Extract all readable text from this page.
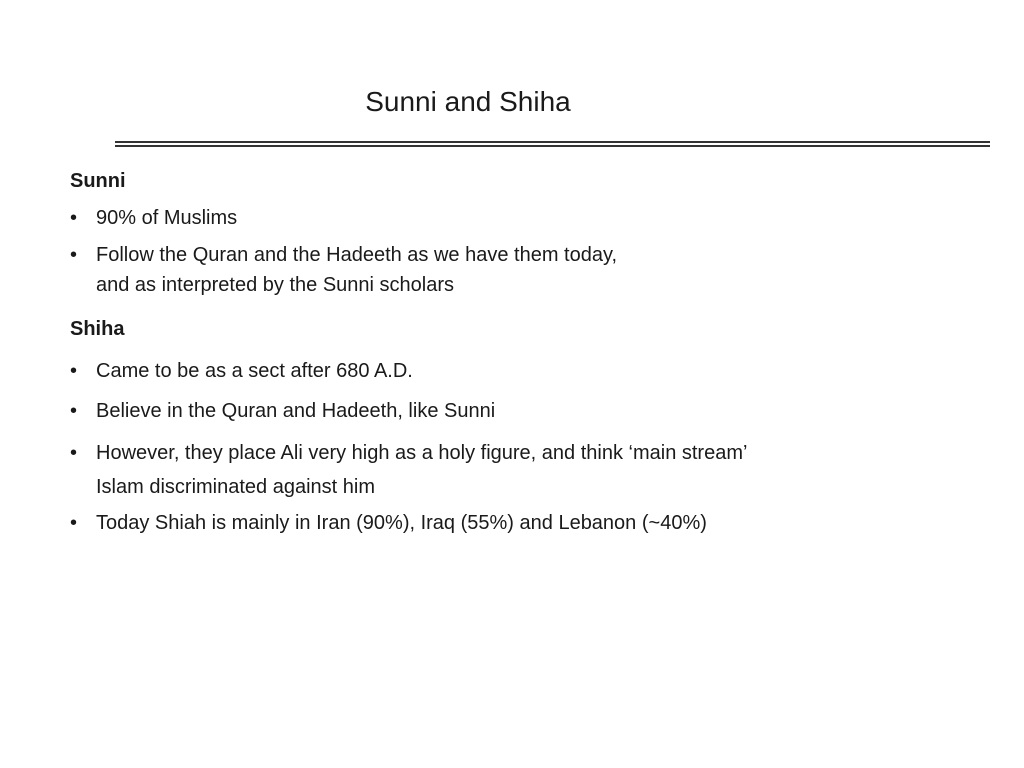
Sunni and Shiha
Sunni
• 90% of Muslims
• Follow the Quran and the Hadeeth as we have them today,
and as interpreted by the Sunni scholars
Shiha
• Came to be as a sect after 680 A.D.
• Believe in the Quran and Hadeeth, like Sunni
• However, they place Ali very high as a holy figure, and think ‘main stream’
Islam discriminated against him
• Today Shiah is mainly in Iran (90%), Iraq (55%) and Lebanon (~40%)
